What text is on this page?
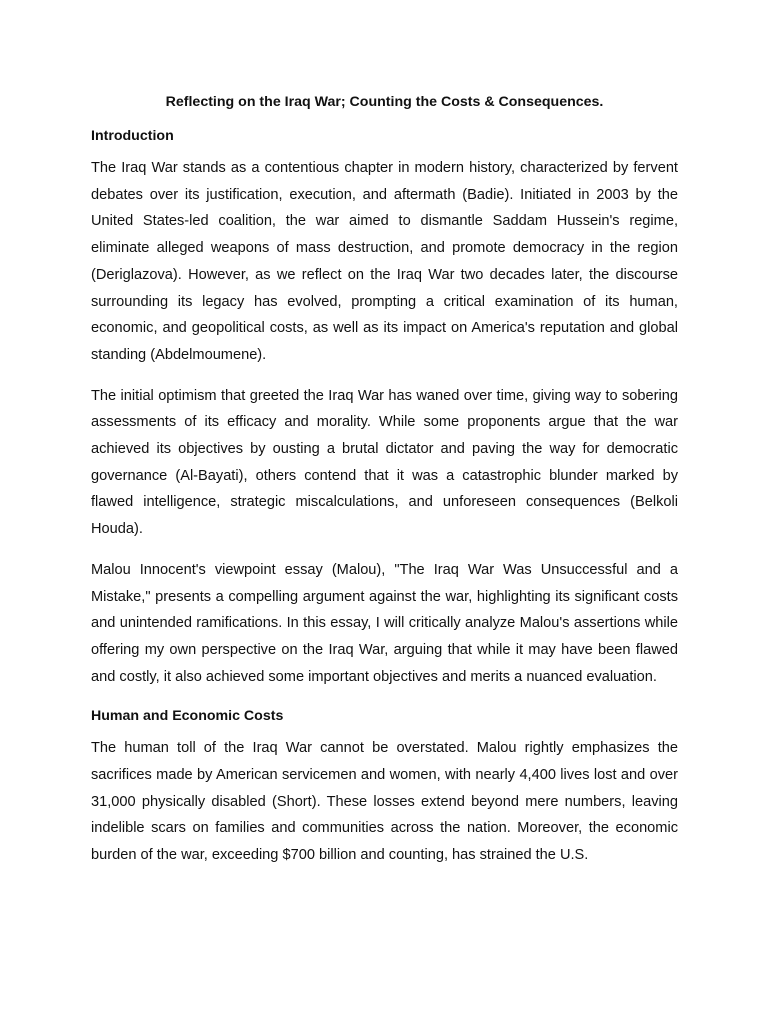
Reflecting on the Iraq War; Counting the Costs & Consequences.
Introduction

The Iraq War stands as a contentious chapter in modern history, characterized by fervent debates over its justification, execution, and aftermath (Badie). Initiated in 2003 by the United States-led coalition, the war aimed to dismantle Saddam Hussein's regime, eliminate alleged weapons of mass destruction, and promote democracy in the region (Deriglazova). However, as we reflect on the Iraq War two decades later, the discourse surrounding its legacy has evolved, prompting a critical examination of its human, economic, and geopolitical costs, as well as its impact on America's reputation and global standing (Abdelmoumene).

The initial optimism that greeted the Iraq War has waned over time, giving way to sobering assessments of its efficacy and morality. While some proponents argue that the war achieved its objectives by ousting a brutal dictator and paving the way for democratic governance (Al-Bayati), others contend that it was a catastrophic blunder marked by flawed intelligence, strategic miscalculations, and unforeseen consequences (Belkoli Houda).

Malou Innocent's viewpoint essay (Malou), "The Iraq War Was Unsuccessful and a Mistake," presents a compelling argument against the war, highlighting its significant costs and unintended ramifications. In this essay, I will critically analyze Malou's assertions while offering my own perspective on the Iraq War, arguing that while it may have been flawed and costly, it also achieved some important objectives and merits a nuanced evaluation.

Human and Economic Costs

The human toll of the Iraq War cannot be overstated. Malou rightly emphasizes the sacrifices made by American servicemen and women, with nearly 4,400 lives lost and over 31,000 physically disabled (Short). These losses extend beyond mere numbers, leaving indelible scars on families and communities across the nation. Moreover, the economic burden of the war, exceeding $700 billion and counting, has strained the U.S.
